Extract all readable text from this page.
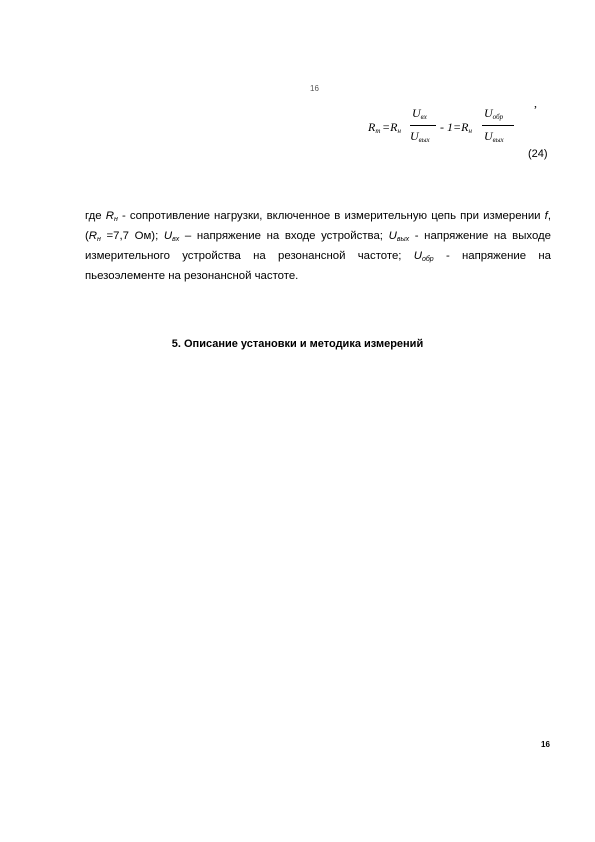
16
,
$R_т =R_н$
$U_{вх}$
$U_{вых}$
- $1=R_н$
$U_{обр}$
$U_{вых}$
(24)

где Rн - сопротивление нагрузки, включенное в измерительную цепь при измерении f, (Rн =7,7 Ом); Uвх – напряжение на входе устройства; Uвых - напряжение на выходе измерительного устройства на резонансной частоте; Uобр - напряжение на пьезоэлементе на резонансной частоте.

5. Описание установки и методика измерений
16
